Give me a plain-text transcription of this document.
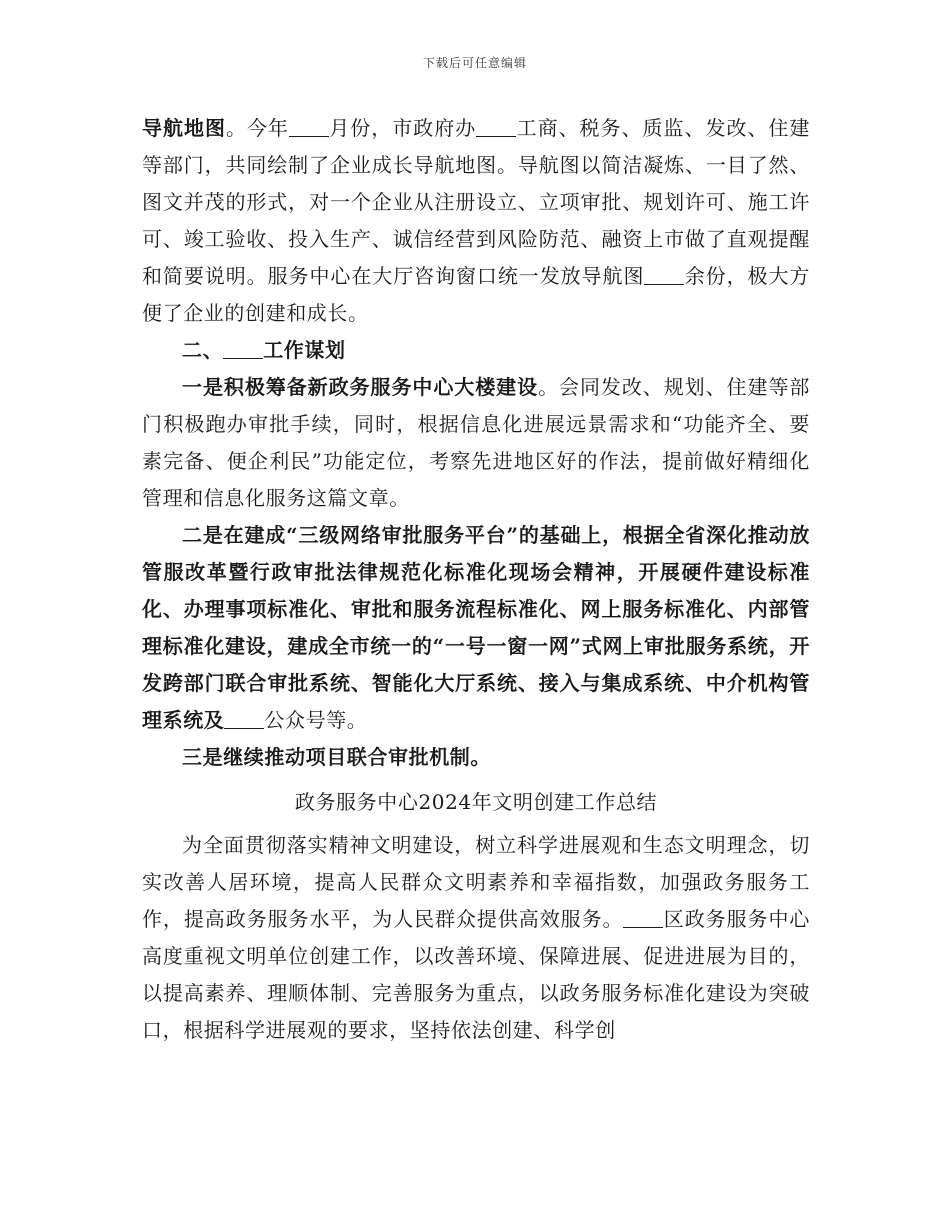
下载后可任意编辑

导航地图。今年 月份，市政府办 工商、税务、质监、发改、住建等部门，共同绘制了企业成长导航地图。导航图以简洁凝炼、一目了然、图文并茂的形式，对一个企业从注册设立、立项审批、规划许可、施工许可、竣工验收、投入生产、诚信经营到风险防范、融资上市做了直观提醒和简要说明。服务中心在大厅咨询窗口统一发放导航图 余份，极大方便了企业的创建和成长。

二、 工作谋划

一是积极筹备新政务服务中心大楼建设。会同发改、规划、住建等部门积极跑办审批手续，同时，根据信息化进展远景需求和“功能齐全、要素完备、便企利民”功能定位，考察先进地区好的作法，提前做好精细化管理和信息化服务这篇文章。

二是在建成“三级网络审批服务平台”的基础上，根据全省深化推动放管服改革暨行政审批法律规范化标准化现场会精神，开展硬件建设标准化、办理事项标准化、审批和服务流程标准化、网上服务标准化、内部管理标准化建设，建成全市统一的“一号一窗一网”式网上审批服务系统，开发跨部门联合审批系统、智能化大厅系统、接入与集成系统、中介机构管理系统及 公众号等。

三是继续推动项目联合审批机制。

政务服务中心2024年文明创建工作总结

为全面贯彻落实精神文明建设，树立科学进展观和生态文明理念，切实改善人居环境，提高人民群众文明素养和幸福指数，加强政务服务工作，提高政务服务水平，为人民群众提供高效服务。 区政务服务中心高度重视文明单位创建工作，以改善环境、保障进展、促进进展为目的，以提高素养、理顺体制、完善服务为重点，以政务服务标准化建设为突破口，根据科学进展观的要求，坚持依法创建、科学创
